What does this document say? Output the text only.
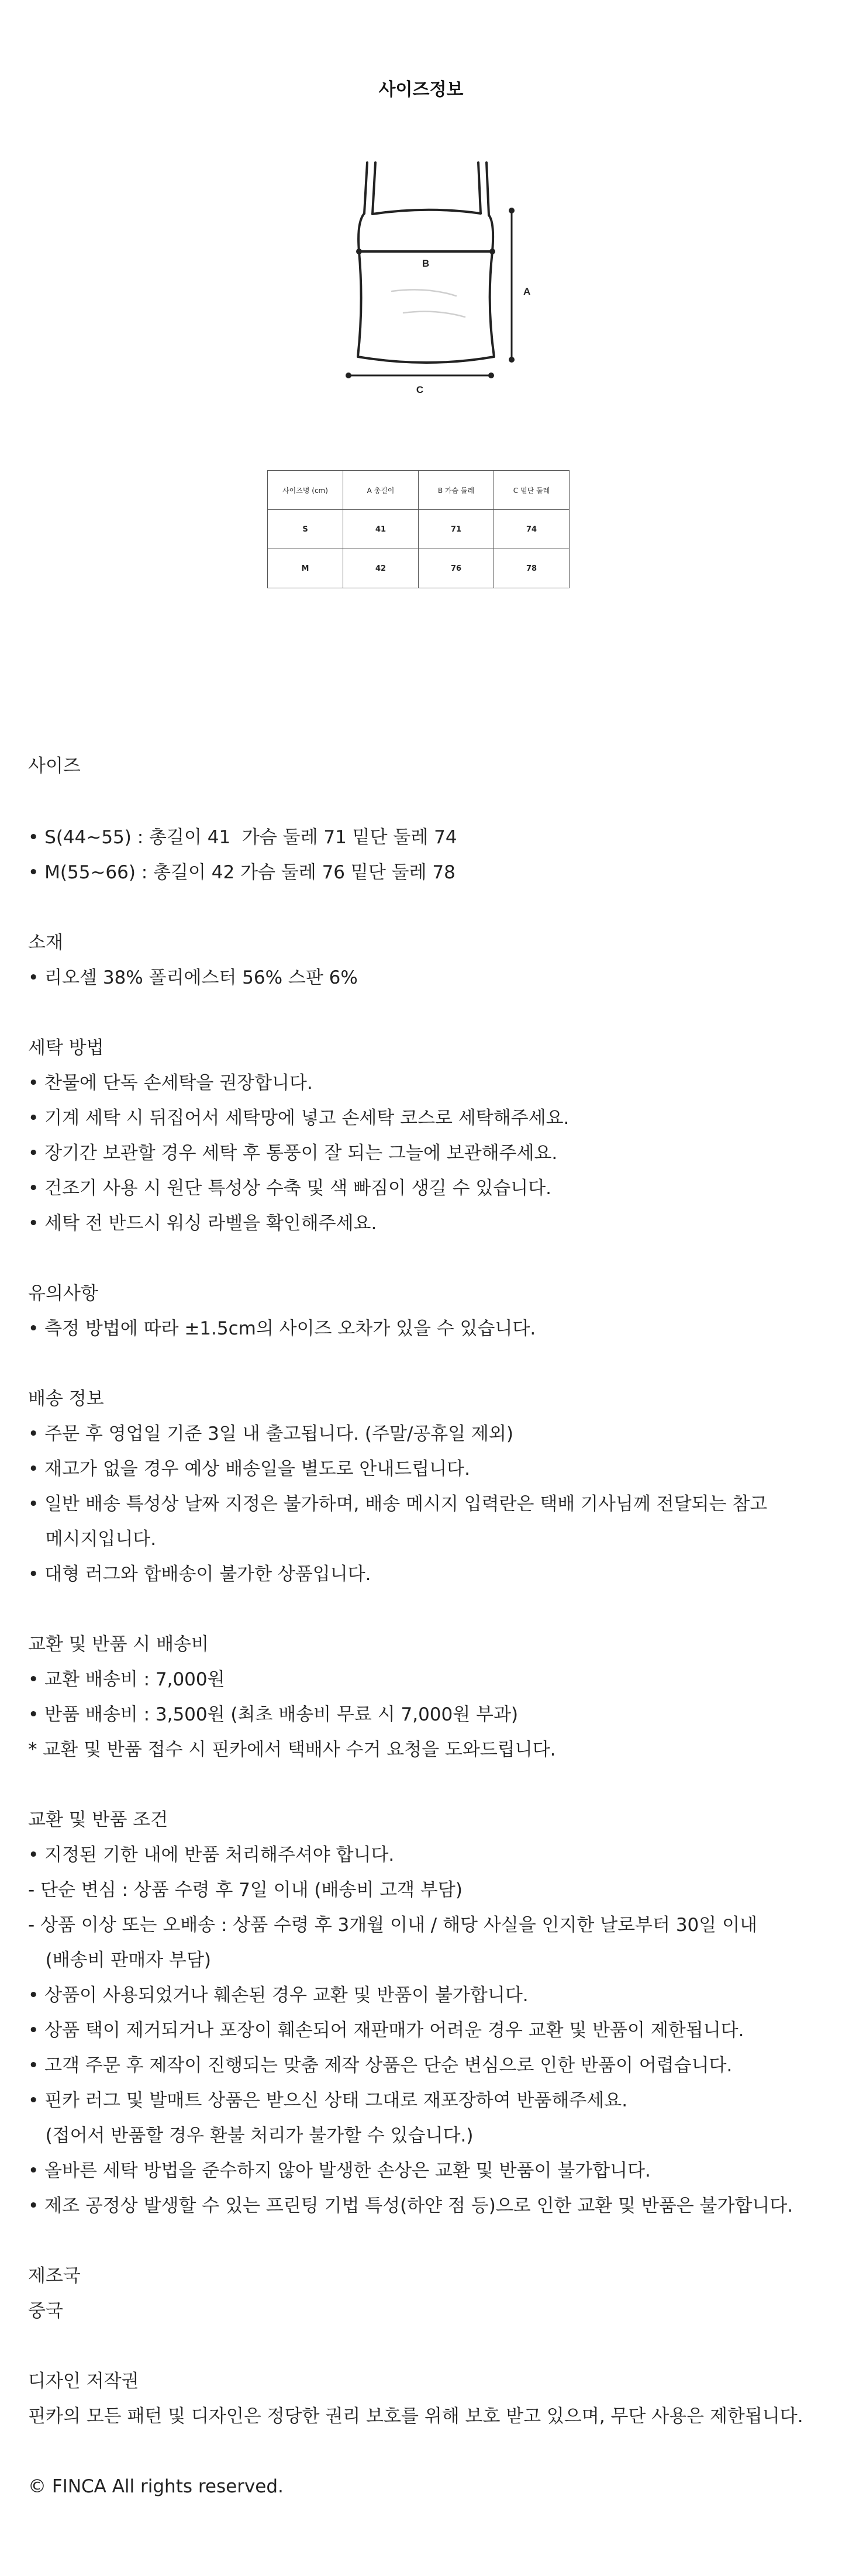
사이즈정보
B
A
C
사이즈명 (cm)	A 총길이	B 가슴 둘레	C 밑단 둘레
S	41	71	74
M	42	76	78

사이즈

• S(44~55) : 총길이 41  가슴 둘레 71 밑단 둘레 74

• M(55~66) : 총길이 42 가슴 둘레 76 밑단 둘레 78

소재

• 리오셀 38% 폴리에스터 56% 스판 6%

세탁 방법

• 찬물에 단독 손세탁을 권장합니다.

• 기계 세탁 시 뒤집어서 세탁망에 넣고 손세탁 코스로 세탁해주세요.

• 장기간 보관할 경우 세탁 후 통풍이 잘 되는 그늘에 보관해주세요.

• 건조기 사용 시 원단 특성상 수축 및 색 빠짐이 생길 수 있습니다.

• 세탁 전 반드시 워싱 라벨을 확인해주세요.

유의사항

• 측정 방법에 따라 ±1.5cm의 사이즈 오차가 있을 수 있습니다.

배송 정보

• 주문 후 영업일 기준 3일 내 출고됩니다. (주말/공휴일 제외)

• 재고가 없을 경우 예상 배송일을 별도로 안내드립니다.

• 일반 배송 특성상 날짜 지정은 불가하며, 배송 메시지 입력란은 택배 기사님께 전달되는 참고

메시지입니다.

• 대형 러그와 합배송이 불가한 상품입니다.

교환 및 반품 시 배송비

• 교환 배송비 : 7,000원

• 반품 배송비 : 3,500원 (최초 배송비 무료 시 7,000원 부과)

* 교환 및 반품 접수 시 핀카에서 택배사 수거 요청을 도와드립니다.

교환 및 반품 조건

• 지정된 기한 내에 반품 처리해주셔야 합니다.

- 단순 변심 : 상품 수령 후 7일 이내 (배송비 고객 부담)

- 상품 이상 또는 오배송 : 상품 수령 후 3개월 이내 / 해당 사실을 인지한 날로부터 30일 이내

(배송비 판매자 부담)

• 상품이 사용되었거나 훼손된 경우 교환 및 반품이 불가합니다.

• 상품 택이 제거되거나 포장이 훼손되어 재판매가 어려운 경우 교환 및 반품이 제한됩니다.

• 고객 주문 후 제작이 진행되는 맞춤 제작 상품은 단순 변심으로 인한 반품이 어렵습니다.

• 핀카 러그 및 발매트 상품은 받으신 상태 그대로 재포장하여 반품해주세요.

(접어서 반품할 경우 환불 처리가 불가할 수 있습니다.)

• 올바른 세탁 방법을 준수하지 않아 발생한 손상은 교환 및 반품이 불가합니다.

• 제조 공정상 발생할 수 있는 프린팅 기법 특성(하얀 점 등)으로 인한 교환 및 반품은 불가합니다.

제조국

중국

디자인 저작권

핀카의 모든 패턴 및 디자인은 정당한 권리 보호를 위해 보호 받고 있으며, 무단 사용은 제한됩니다.

© FINCA All rights reserved.
